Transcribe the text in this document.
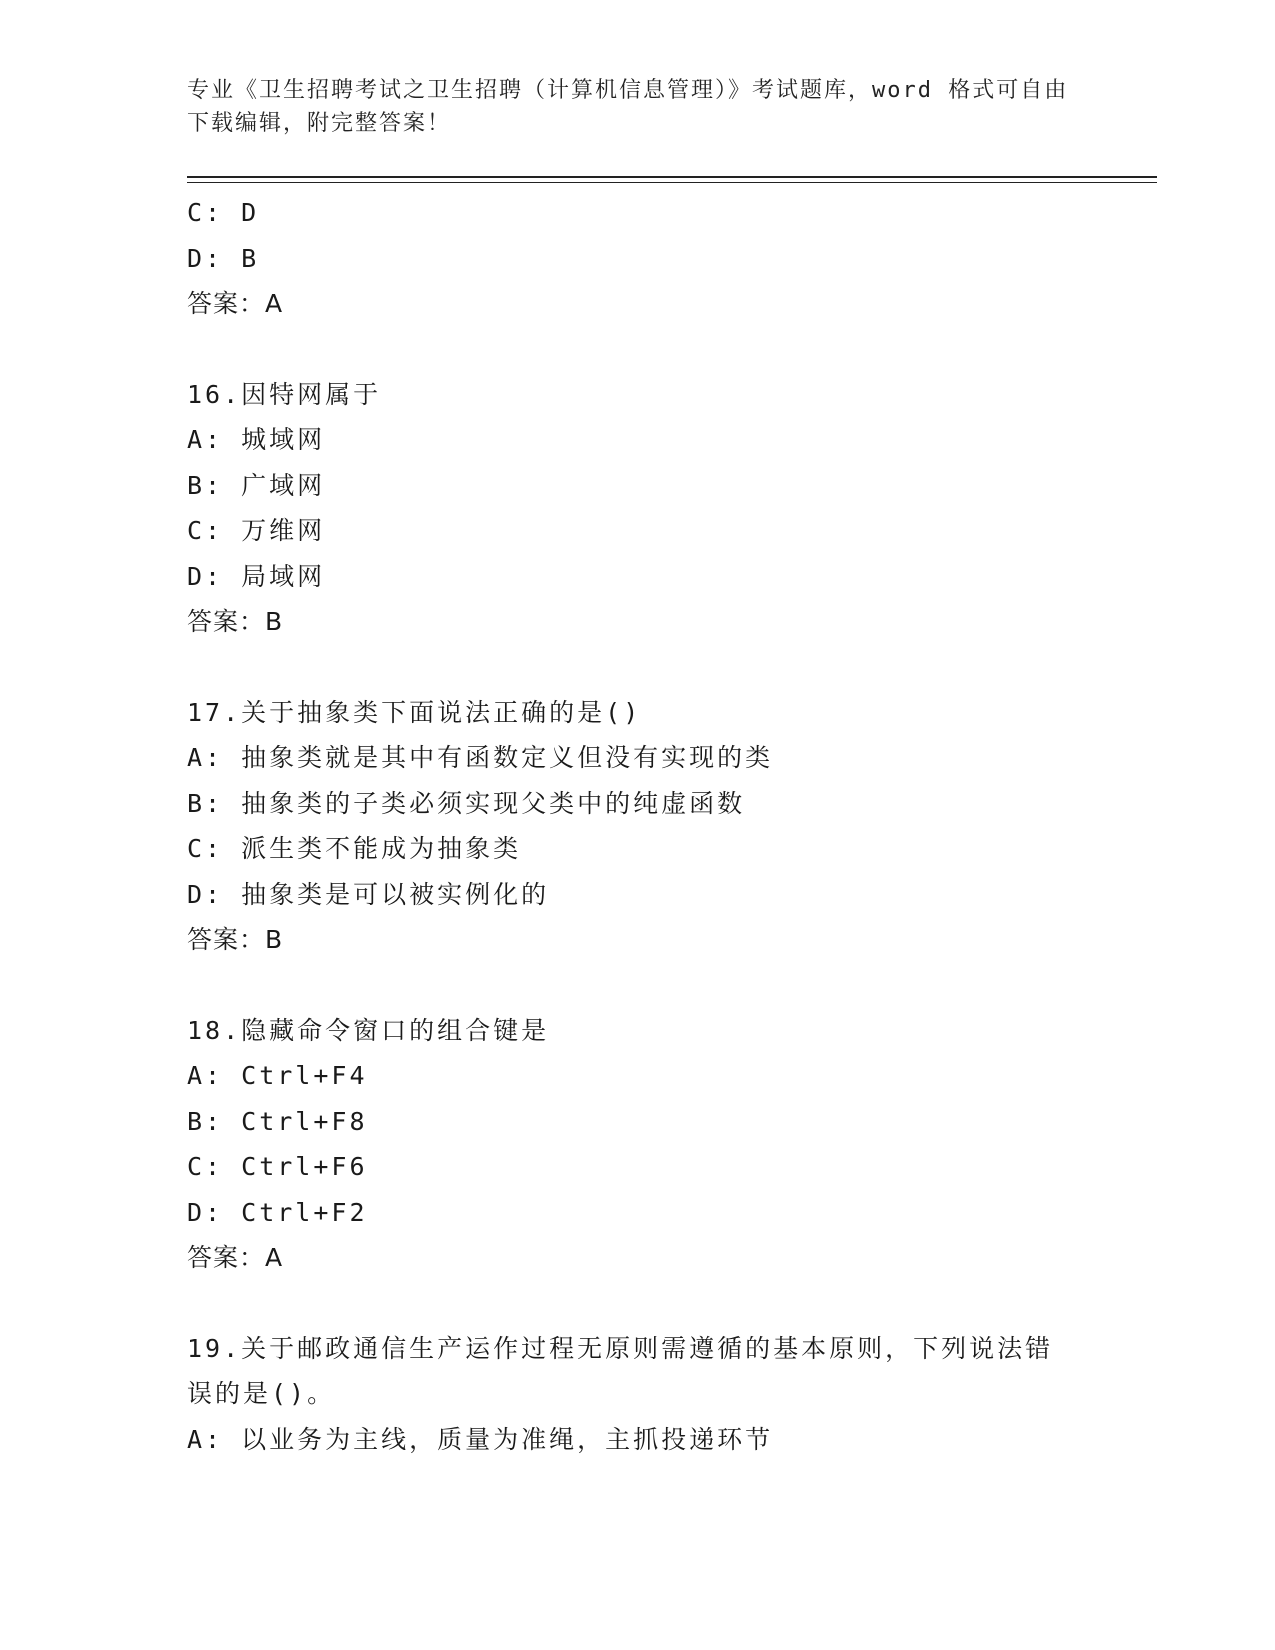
专业《卫生招聘考试之卫生招聘（计算机信息管理）》考试题库，word 格式可自由下载编辑，附完整答案！
C: D
D: B
答案：A
16.因特网属于
A: 城域网
B: 广域网
C: 万维网
D: 局域网
答案：B
17.关于抽象类下面说法正确的是()
A: 抽象类就是其中有函数定义但没有实现的类
B: 抽象类的子类必须实现父类中的纯虚函数
C: 派生类不能成为抽象类
D: 抽象类是可以被实例化的
答案：B
18.隐藏命令窗口的组合键是
A: Ctrl+F4
B: Ctrl+F8
C: Ctrl+F6
D: Ctrl+F2
答案：A
19.关于邮政通信生产运作过程无原则需遵循的基本原则，下列说法错误的是()。
A: 以业务为主线，质量为准绳，主抓投递环节
